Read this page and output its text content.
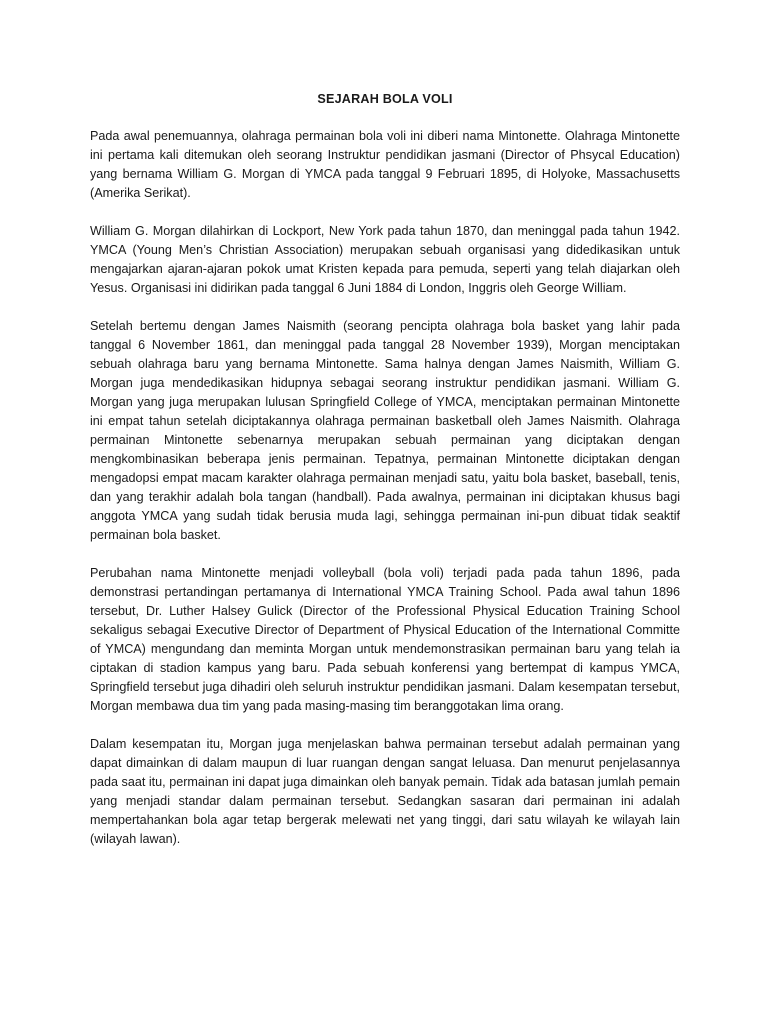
SEJARAH BOLA VOLI

Pada awal penemuannya, olahraga permainan bola voli ini diberi nama Mintonette. Olahraga Mintonette ini pertama kali ditemukan oleh seorang Instruktur pendidikan jasmani (Director of Phsycal Education) yang bernama William G. Morgan di YMCA pada tanggal 9 Februari 1895, di Holyoke, Massachusetts (Amerika Serikat).

William G. Morgan dilahirkan di Lockport, New York pada tahun 1870, dan meninggal pada tahun 1942. YMCA (Young Men’s Christian Association) merupakan sebuah organisasi yang didedikasikan untuk mengajarkan ajaran-ajaran pokok umat Kristen kepada para pemuda, seperti yang telah diajarkan oleh Yesus. Organisasi ini didirikan pada tanggal 6 Juni 1884 di London, Inggris oleh George William.

Setelah bertemu dengan James Naismith (seorang pencipta olahraga bola basket yang lahir pada tanggal 6 November 1861, dan meninggal pada tanggal 28 November 1939), Morgan menciptakan sebuah olahraga baru yang bernama Mintonette. Sama halnya dengan James Naismith, William G. Morgan juga mendedikasikan hidupnya sebagai seorang instruktur pendidikan jasmani. William G. Morgan yang juga merupakan lulusan Springfield College of YMCA, menciptakan permainan Mintonette ini empat tahun setelah diciptakannya olahraga permainan basketball oleh James Naismith. Olahraga permainan Mintonette sebenarnya merupakan sebuah permainan yang diciptakan dengan mengkombinasikan beberapa jenis permainan. Tepatnya, permainan Mintonette diciptakan dengan mengadopsi empat macam karakter olahraga permainan menjadi satu, yaitu bola basket, baseball, tenis, dan yang terakhir adalah bola tangan (handball). Pada awalnya, permainan ini diciptakan khusus bagi anggota YMCA yang sudah tidak berusia muda lagi, sehingga permainan ini-pun dibuat tidak seaktif permainan bola basket.

Perubahan nama Mintonette menjadi volleyball (bola voli) terjadi pada pada tahun 1896, pada demonstrasi pertandingan pertamanya di International YMCA Training School. Pada awal tahun 1896 tersebut, Dr. Luther Halsey Gulick (Director of the Professional Physical Education Training School sekaligus sebagai Executive Director of Department of Physical Education of the International Committe of YMCA) mengundang dan meminta Morgan untuk mendemonstrasikan permainan baru yang telah ia ciptakan di stadion kampus yang baru. Pada sebuah konferensi yang bertempat di kampus YMCA, Springfield tersebut juga dihadiri oleh seluruh instruktur pendidikan jasmani. Dalam kesempatan tersebut, Morgan membawa dua tim yang pada masing-masing tim beranggotakan lima orang.

Dalam kesempatan itu, Morgan juga menjelaskan bahwa permainan tersebut adalah permainan yang dapat dimainkan di dalam maupun di luar ruangan dengan sangat leluasa. Dan menurut penjelasannya pada saat itu, permainan ini dapat juga dimainkan oleh banyak pemain. Tidak ada batasan jumlah pemain yang menjadi standar dalam permainan tersebut. Sedangkan sasaran dari permainan ini adalah mempertahankan bola agar tetap bergerak melewati net yang tinggi, dari satu wilayah ke wilayah lain (wilayah lawan).
